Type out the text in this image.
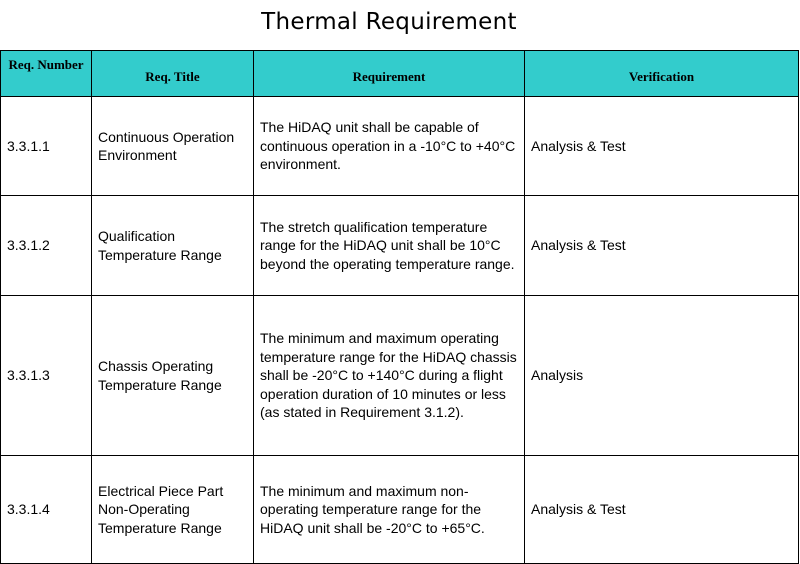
Thermal Requirement
Req. Number	Req. Title	Requirement	Verification
3.3.1.1	Continuous Operation Environment	The HiDAQ unit shall be capable of continuous operation in a -10°C to +40°C environment.	Analysis & Test
3.3.1.2	Qualification Temperature Range	The stretch qualification temperature range for the HiDAQ unit shall be 10°C beyond the operating temperature range.	Analysis & Test
3.3.1.3	Chassis Operating Temperature Range	The minimum and maximum operating temperature range for the HiDAQ chassis shall be -20°C to +140°C during a flight operation duration of 10 minutes or less (as stated in Requirement 3.1.2).	Analysis
3.3.1.4	Electrical Piece Part Non-Operating Temperature Range	The minimum and maximum non-operating temperature range for the HiDAQ unit shall be -20°C to +65°C.	Analysis & Test
